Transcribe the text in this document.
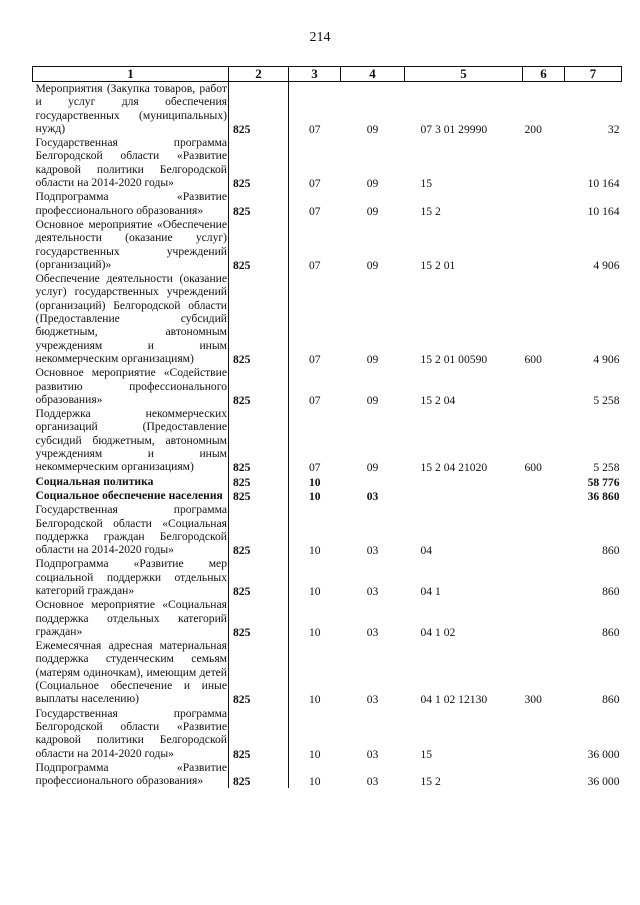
214
1	2	3	4	5	6	7
Мероприятия (Закупка товаров, работ и услуг для обеспечения государственных (муниципальных) нужд)	825	07	09	07 3 01 29990	200	32
Государственная программа Белгородской области «Развитие кадровой политики Белгородской области на 2014-2020 годы»	825	07	09	15		10 164
Подпрограмма «Развитие профессионального образования»	825	07	09	15 2		10 164
Основное мероприятие «Обеспечение деятельности (оказание услуг) государственных учреждений (организаций)»	825	07	09	15 2 01		4 906
Обеспечение деятельности (оказание услуг) государственных учреждений (организаций) Белгородской области (Предоставление субсидий бюджетным, автономным учреждениям и иным некоммерческим организациям)	825	07	09	15 2 01 00590	600	4 906
Основное мероприятие «Содействие развитию профессионального образования»	825	07	09	15 2 04		5 258
Поддержка некоммерческих организаций (Предоставление субсидий бюджетным, автономным учреждениям и иным некоммерческим организациям)	825	07	09	15 2 04 21020	600	5 258
Социальная политика	825	10				58 776
Социальное обеспечение населения	825	10	03			36 860
Государственная программа Белгородской области «Социальная поддержка граждан Белгородской области на 2014-2020 годы»	825	10	03	04		860
Подпрограмма «Развитие мер социальной поддержки отдельных категорий граждан»	825	10	03	04 1		860
Основное мероприятие «Социальная поддержка отдельных категорий граждан»	825	10	03	04 1 02		860
Ежемесячная адресная материальная поддержка студенческим семьям (матерям одиночкам), имеющим детей (Социальное обеспечение и иные выплаты населению)	825	10	03	04 1 02 12130	300	860
Государственная программа Белгородской области «Развитие кадровой политики Белгородской области на 2014-2020 годы»	825	10	03	15		36 000
Подпрограмма «Развитие профессионального образования»	825	10	03	15 2		36 000
